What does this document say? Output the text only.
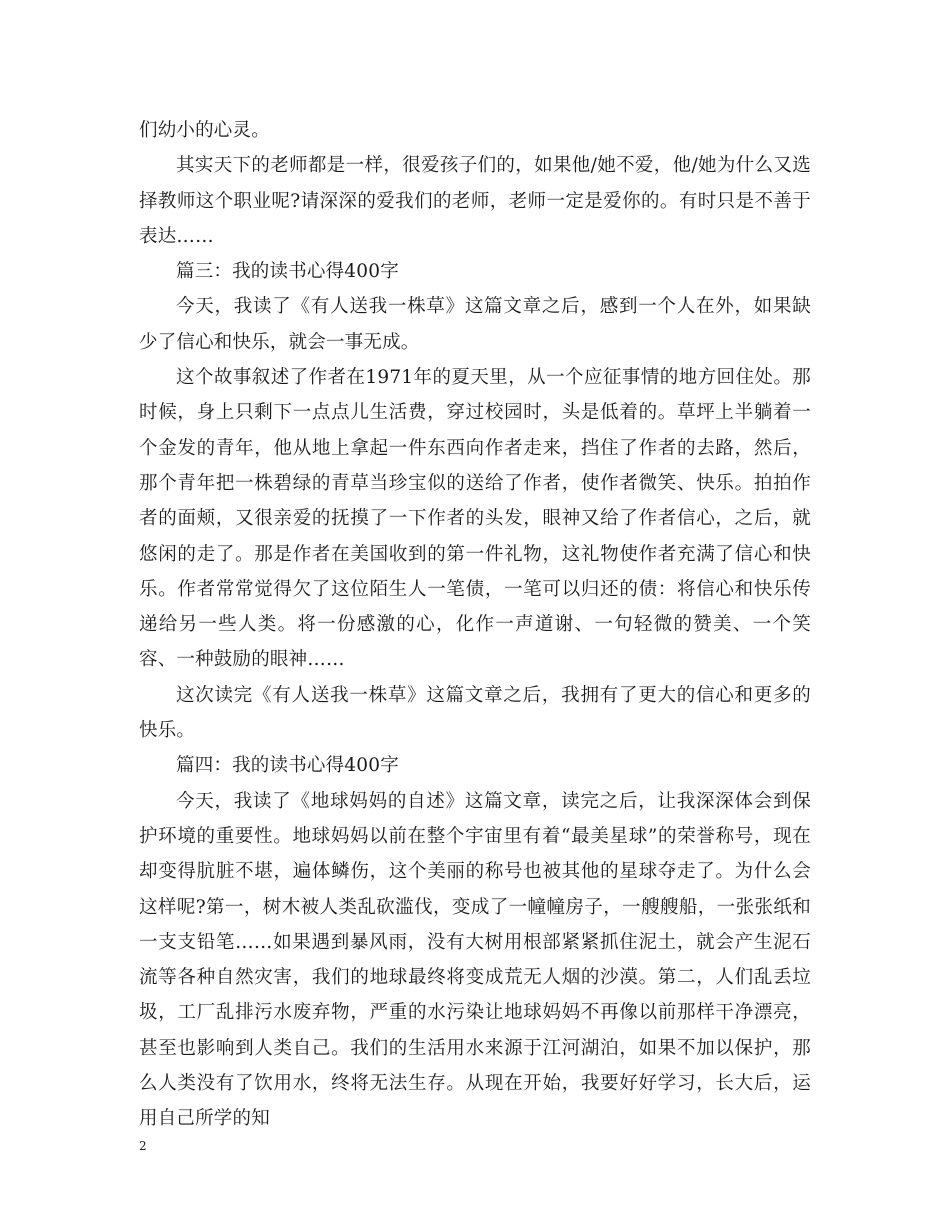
们幼小的心灵。

其实天下的老师都是一样，很爱孩子们的，如果他/她不爱，他/她为什么又选择教师这个职业呢?请深深的爱我们的老师，老师一定是爱你的。有时只是不善于表达……

篇三：我的读书心得400字

今天，我读了《有人送我一株草》这篇文章之后，感到一个人在外，如果缺少了信心和快乐，就会一事无成。

这个故事叙述了作者在1971年的夏天里，从一个应征事情的地方回住处。那时候，身上只剩下一点点儿生活费，穿过校园时，头是低着的。草坪上半躺着一个金发的青年，他从地上拿起一件东西向作者走来，挡住了作者的去路，然后，那个青年把一株碧绿的青草当珍宝似的送给了作者，使作者微笑、快乐。拍拍作者的面颊，又很亲爱的抚摸了一下作者的头发，眼神又给了作者信心，之后，就悠闲的走了。那是作者在美国收到的第一件礼物，这礼物使作者充满了信心和快乐。作者常常觉得欠了这位陌生人一笔债，一笔可以归还的债：将信心和快乐传递给另一些人类。将一份感激的心，化作一声道谢、一句轻微的赞美、一个笑容、一种鼓励的眼神……

这次读完《有人送我一株草》这篇文章之后，我拥有了更大的信心和更多的快乐。

篇四：我的读书心得400字

今天，我读了《地球妈妈的自述》这篇文章，读完之后，让我深深体会到保护环境的重要性。地球妈妈以前在整个宇宙里有着“最美星球”的荣誉称号，现在却变得肮脏不堪，遍体鳞伤，这个美丽的称号也被其他的星球夺走了。为什么会这样呢?第一，树木被人类乱砍滥伐，变成了一幢幢房子，一艘艘船，一张张纸和一支支铅笔……如果遇到暴风雨，没有大树用根部紧紧抓住泥土，就会产生泥石流等各种自然灾害，我们的地球最终将变成荒无人烟的沙漠。第二，人们乱丢垃圾，工厂乱排污水废弃物，严重的水污染让地球妈妈不再像以前那样干净漂亮，甚至也影响到人类自己。我们的生活用水来源于江河湖泊，如果不加以保护，那么人类没有了饮用水，终将无法生存。从现在开始，我要好好学习，长大后，运用自己所学的知

2
